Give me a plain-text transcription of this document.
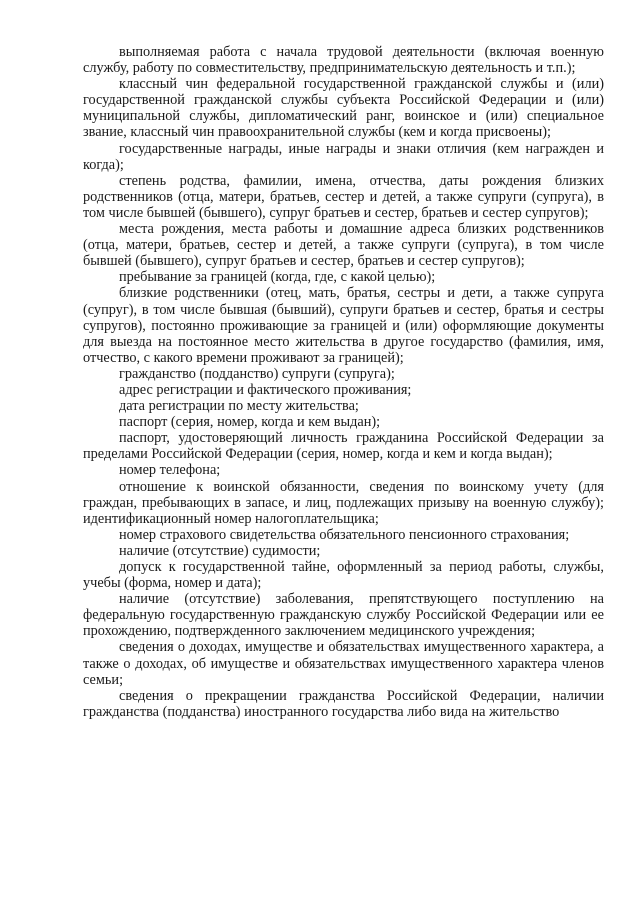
выполняемая работа с начала трудовой деятельности (включая военную службу, работу по совместительству, предпринимательскую деятельность и т.п.);

классный чин федеральной государственной гражданской службы и (или) государственной гражданской службы субъекта Российской Федерации и (или) муниципальной службы, дипломатический ранг, воинское и (или) специальное звание, классный чин правоохранительной службы (кем и когда присвоены);

государственные награды, иные награды и знаки отличия (кем награжден и когда);

степень родства, фамилии, имена, отчества, даты рождения близких родственников (отца, матери, братьев, сестер и детей, а также супруги (супруга), в том числе бывшей (бывшего), супруг братьев и сестер, братьев и сестер супругов);

места рождения, места работы и домашние адреса близких родственников (отца, матери, братьев, сестер и детей, а также супруги (супруга), в том числе бывшей (бывшего), супруг братьев и сестер, братьев и сестер супругов);

пребывание за границей (когда, где, с какой целью);

близкие родственники (отец, мать, братья, сестры и дети, а также супруга (супруг), в том числе бывшая (бывший), супруги братьев и сестер, братья и сестры супругов), постоянно проживающие за границей и (или) оформляющие документы для выезда на постоянное место жительства в другое государство (фамилия, имя, отчество, с какого времени проживают за границей);

гражданство (подданство) супруги (супруга);

адрес регистрации и фактического проживания;

дата регистрации по месту жительства;

паспорт (серия, номер, когда и кем выдан);

паспорт, удостоверяющий личность гражданина Российской Федерации за пределами Российской Федерации (серия, номер, когда и кем и когда выдан);

номер телефона;

отношение к воинской обязанности, сведения по воинскому учету (для граждан, пребывающих в запасе, и лиц, подлежащих призыву на военную службу); идентификационный номер налогоплательщика;

номер страхового свидетельства обязательного пенсионного страхования;

наличие (отсутствие) судимости;

допуск к государственной тайне, оформленный за период работы, службы, учебы (форма, номер и дата);

наличие (отсутствие) заболевания, препятствующего поступлению на федеральную государственную гражданскую службу Российской Федерации или ее прохождению, подтвержденного заключением медицинского учреждения;

сведения о доходах, имуществе и обязательствах имущественного характера, а также о доходах, об имуществе и обязательствах имущественного характера членов семьи;

сведения о прекращении гражданства Российской Федерации, наличии гражданства (подданства) иностранного государства либо вида на жительство
